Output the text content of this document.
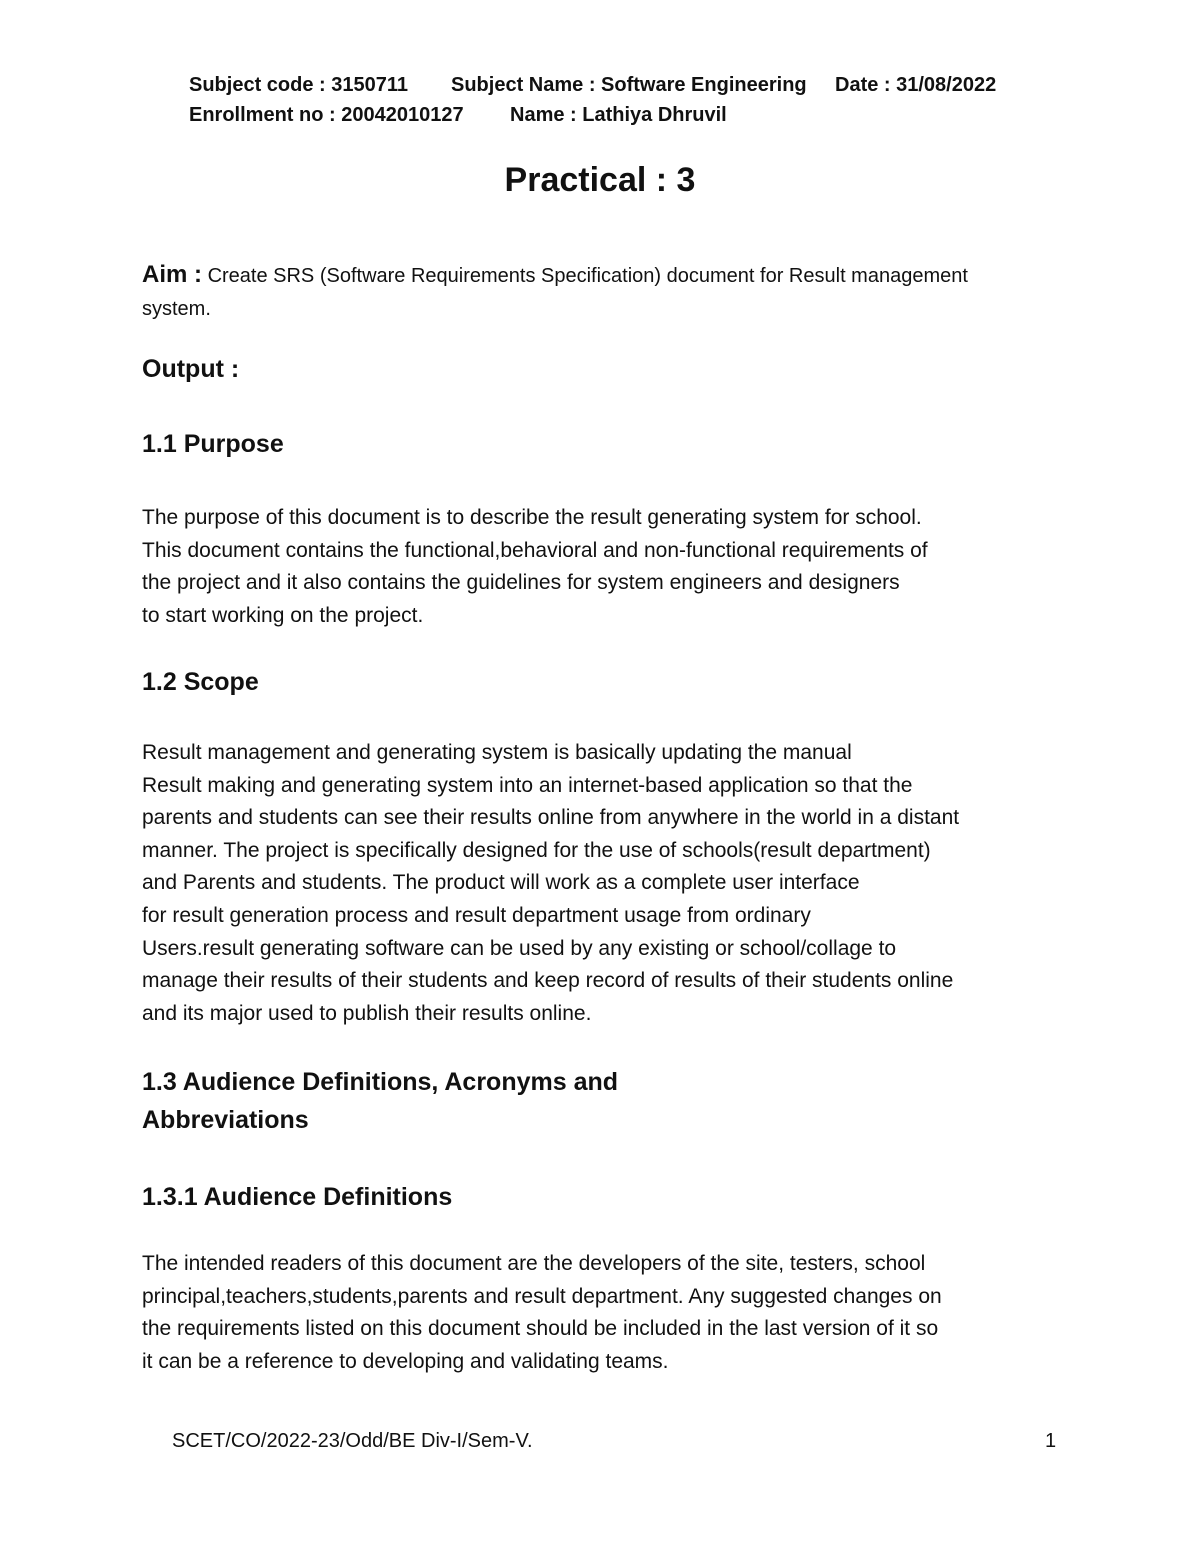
Subject code : 3150711 Subject Name : Software Engineering Date : 31/08/2022
Enrollment no : 20042010127 Name : Lathiya Dhruvil
Practical : 3
Aim : Create SRS (Software Requirements Specification) document for Result management
system.
Output :
1.1 Purpose
The purpose of this document is to describe the result generating system for school.
This document contains the functional,behavioral and non-functional requirements of
the project and it also contains the guidelines for system engineers and designers
to start working on the project.
1.2 Scope
Result management and generating system is basically updating the manual
Result making and generating system into an internet-based application so that the
parents and students can see their results online from anywhere in the world in a distant
manner. The project is specifically designed for the use of schools(result department)
and Parents and students. The product will work as a complete user interface
for result generation process and result department usage from ordinary
Users.result generating software can be used by any existing or school/collage to
manage their results of their students and keep record of results of their students online
and its major used to publish their results online.
1.3 Audience Definitions, Acronyms and
Abbreviations
1.3.1 Audience Definitions
The intended readers of this document are the developers of the site, testers, school
principal,teachers,students,parents and result department. Any suggested changes on
the requirements listed on this document should be included in the last version of it so
it can be a reference to developing and validating teams.
SCET/CO/2022-23/Odd/BE Div-I/Sem-V.	1
